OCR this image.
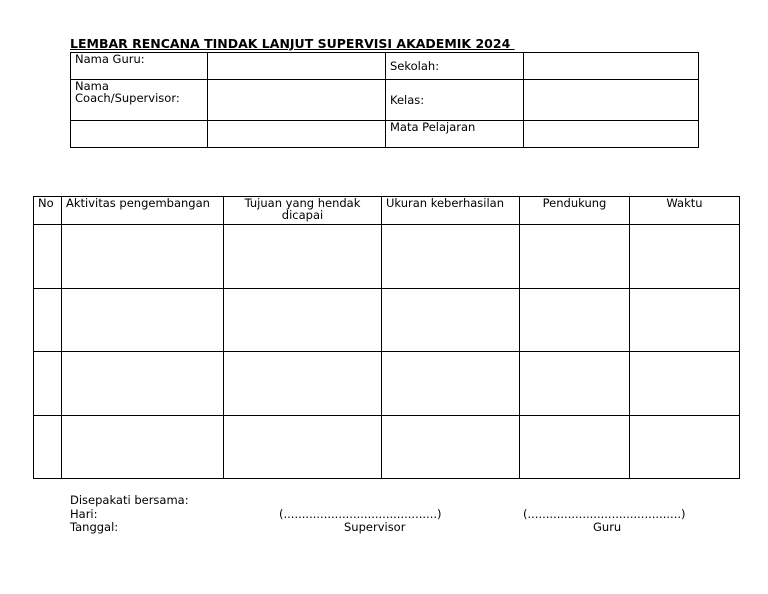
LEMBAR RENCANA TINDAK LANJUT SUPERVISI AKADEMIK 2024
Nama Guru:		Sekolah:	
Nama
Coach/Supervisor:		Kelas:	
		Mata Pelajaran	
No	Aktivitas pengembangan	Tujuan yang hendak dicapai	Ukuran keberhasilan	Pendukung	Waktu

Disepakati bersama:
Hari:
Tanggal:
(..........................................)
Supervisor
(..........................................)
Guru
